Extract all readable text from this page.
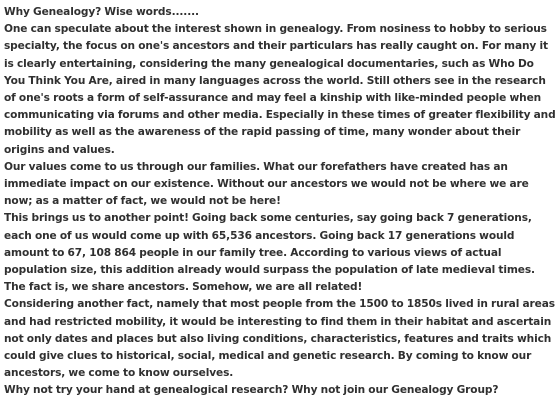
Why Genealogy? Wise words.......
One can speculate about the interest shown in genealogy. From nosiness to hobby to serious
specialty, the focus on one's ancestors and their particulars has really caught on. For many it
is clearly entertaining, considering the many genealogical documentaries, such as Who Do
You Think You Are, aired in many languages across the world. Still others see in the research
of one's roots a form of self-assurance and may feel a kinship with like-minded people when
communicating via forums and other media. Especially in these times of greater flexibility and
mobility as well as the awareness of the rapid passing of time, many wonder about their
origins and values.
Our values come to us through our families. What our forefathers have created has an
immediate impact on our existence. Without our ancestors we would not be where we are
now; as a matter of fact, we would not be here!
This brings us to another point! Going back some centuries, say going back 7 generations,
each one of us would come up with 65,536 ancestors. Going back 17 generations would
amount to 67, 108 864 people in our family tree. According to various views of actual
population size, this addition already would surpass the population of late medieval times.
The fact is, we share ancestors. Somehow, we are all related!
Considering another fact, namely that most people from the 1500 to 1850s lived in rural areas
and had restricted mobility, it would be interesting to find them in their habitat and ascertain
not only dates and places but also living conditions, characteristics, features and traits which
could give clues to historical, social, medical and genetic research. By coming to know our
ancestors, we come to know ourselves.
Why not try your hand at genealogical research? Why not join our Genealogy Group?
